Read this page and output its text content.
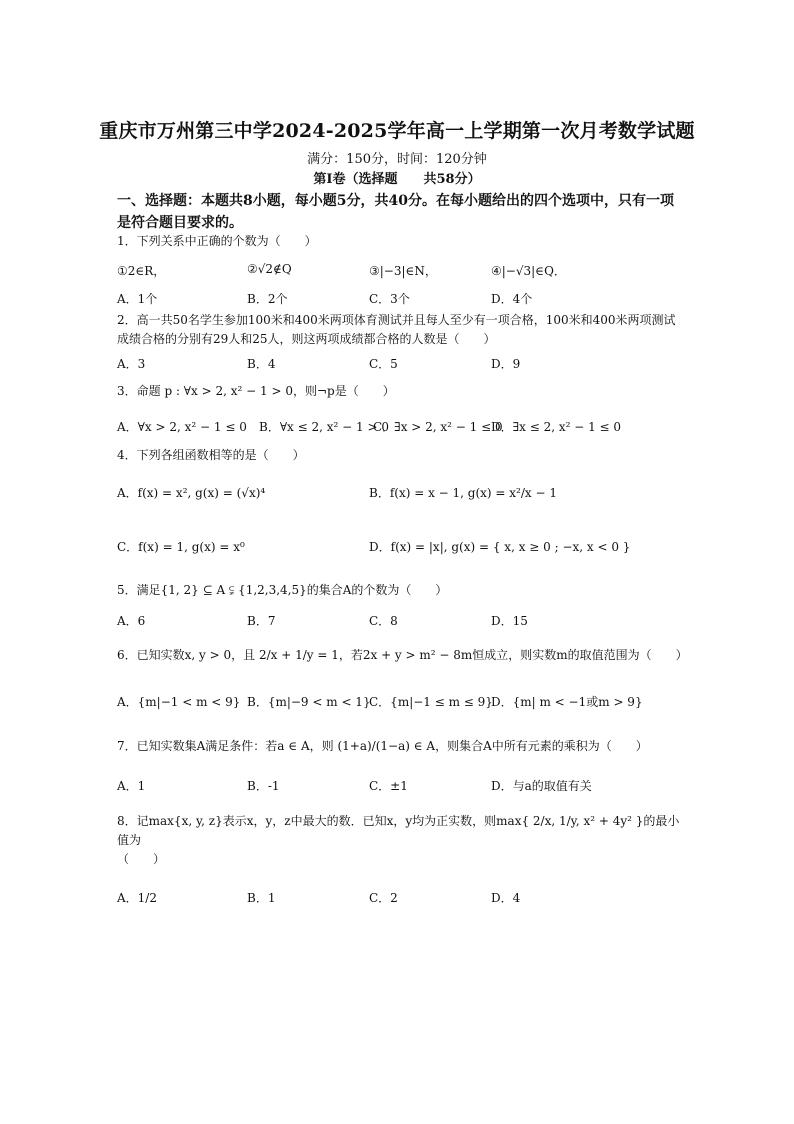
重庆市万州第三中学2024-2025学年高一上学期第一次月考数学试题
满分：150分，时间：120分钟
第Ⅰ卷（选择题　　共58分）
一、选择题：本题共8小题，每小题5分，共40分。在每小题给出的四个选项中，只有一项是符合题目要求的。
1．下列关系中正确的个数为（　　）
①2∈R，	②√2∉Q	③|−3|∈N，	④|−√3|∈Q．
A．1个	B．2个	C．3个	D．4个
2．高一共50名学生参加100米和400米两项体育测试并且每人至少有一项合格，100米和400米两项测试成绩合格的分别有29人和25人，则这两项成绩都合格的人数是（　　）
A．3	B．4	C．5	D．9
3．命题 p : ∀x > 2, x² − 1 > 0，则¬p是（　　）
A．∀x > 2, x² − 1 ≤ 0 B．∀x ≤ 2, x² − 1 > 0
C．∃x > 2, x² − 1 ≤ 0
D．∃x ≤ 2, x² − 1 ≤ 0
4．下列各组函数相等的是（　　）
A．f(x) = x², g(x) = (√x)⁴	B．f(x) = x − 1, g(x) = x²/x − 1
C．f(x) = 1, g(x) = x⁰	D．f(x) = |x|, g(x) = { x, x ≥ 0 ; −x, x < 0 }
5．满足{1, 2} ⊆ A ⫋ {1,2,3,4,5}的集合A的个数为（　　）
A．6	B．7	C．8	D．15
6．已知实数x, y > 0，且 2/x + 1/y = 1，若2x + y > m² − 8m恒成立，则实数m的取值范围为（　　）
A．{m|−1 < m < 9} B．{m|−9 < m < 1}
C．{m|−1 ≤ m ≤ 9}
D．{m| m < −1或m > 9}
7．已知实数集A满足条件：若a ∈ A，则 (1+a)/(1−a) ∈ A，则集合A中所有元素的乘积为（　　）
A．1	B．-1	C．±1	D．与a的取值有关
8．记max{x, y, z}表示x，y，z中最大的数．已知x，y均为正实数，则max{ 2/x, 1/y, x² + 4y² }的最小值为
（　　）
A．1/2	B．1	C．2	D．4
